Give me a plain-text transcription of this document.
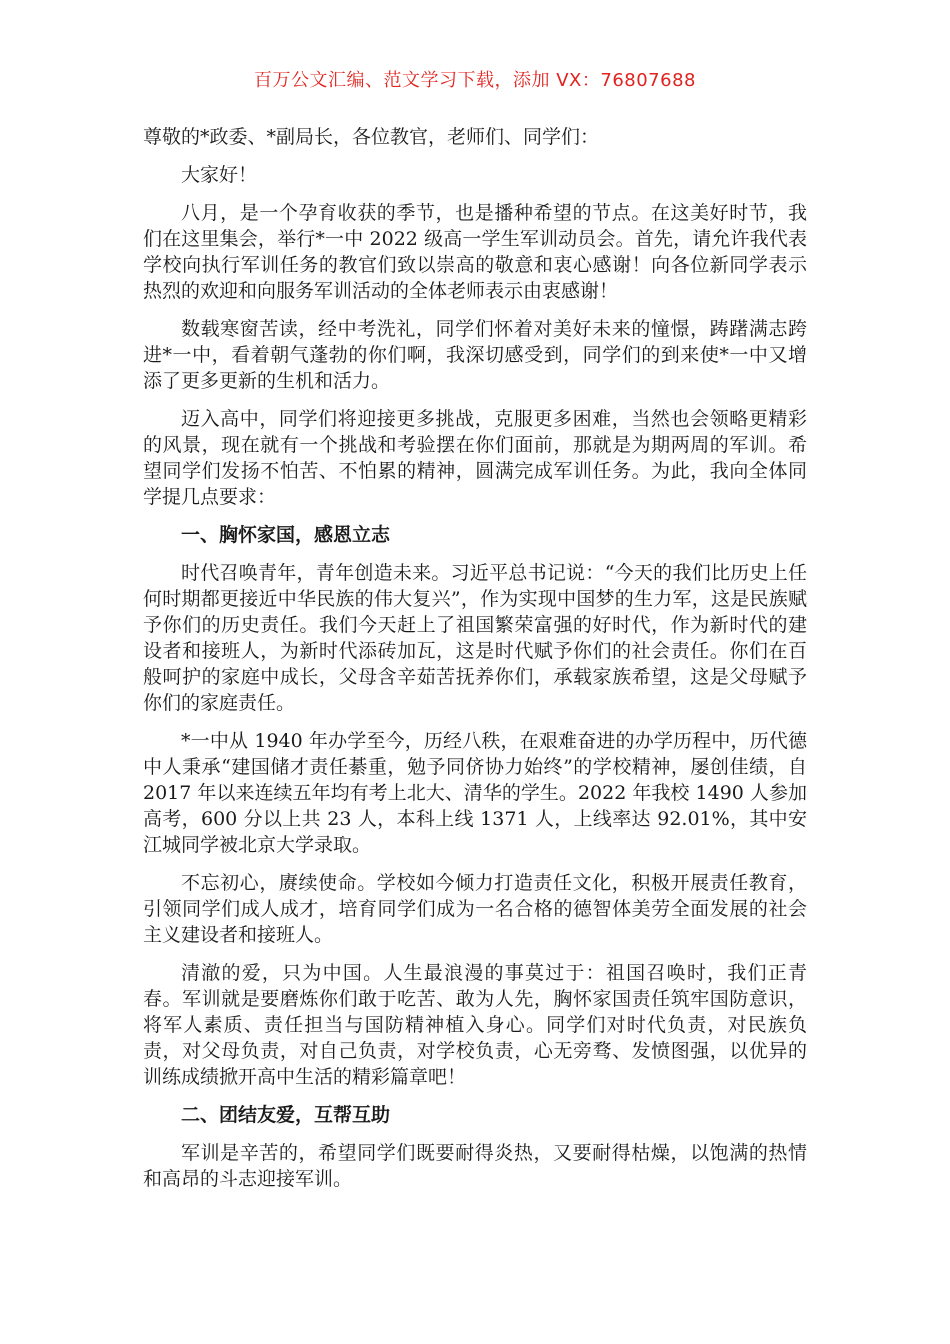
百万公文汇编、范文学习下载，添加 VX：76807688

尊敬的*政委、*副局长，各位教官，老师们、同学们：

大家好！

八月，是一个孕育收获的季节，也是播种希望的节点。在这美好时节，我们在这里集会，举行*一中 2022 级高一学生军训动员会。首先，请允许我代表学校向执行军训任务的教官们致以崇高的敬意和衷心感谢！向各位新同学表示热烈的欢迎和向服务军训活动的全体老师表示由衷感谢！

数载寒窗苦读，经中考洗礼，同学们怀着对美好未来的憧憬，踌躇满志跨进*一中，看着朝气蓬勃的你们啊，我深切感受到，同学们的到来使*一中又增添了更多更新的生机和活力。

迈入高中，同学们将迎接更多挑战，克服更多困难，当然也会领略更精彩的风景，现在就有一个挑战和考验摆在你们面前，那就是为期两周的军训。希望同学们发扬不怕苦、不怕累的精神，圆满完成军训任务。为此，我向全体同学提几点要求：

一、胸怀家国，感恩立志

时代召唤青年，青年创造未来。习近平总书记说：“今天的我们比历史上任何时期都更接近中华民族的伟大复兴”，作为实现中国梦的生力军，这是民族赋予你们的历史责任。我们今天赶上了祖国繁荣富强的好时代，作为新时代的建设者和接班人，为新时代添砖加瓦，这是时代赋予你们的社会责任。你们在百般呵护的家庭中成长，父母含辛茹苦抚养你们，承载家族希望，这是父母赋予你们的家庭责任。

*一中从 1940 年办学至今，历经八秩，在艰难奋进的办学历程中，历代德中人秉承“建国储才责任綦重，勉予同侪协力始终”的学校精神，屡创佳绩，自 2017 年以来连续五年均有考上北大、清华的学生。2022 年我校 1490 人参加高考，600 分以上共 23 人，本科上线 1371 人，上线率达 92.01%，其中安江城同学被北京大学录取。

不忘初心，赓续使命。学校如今倾力打造责任文化，积极开展责任教育，引领同学们成人成才，培育同学们成为一名合格的德智体美劳全面发展的社会主义建设者和接班人。

清澈的爱，只为中国。人生最浪漫的事莫过于：祖国召唤时，我们正青春。军训就是要磨炼你们敢于吃苦、敢为人先，胸怀家国责任筑牢国防意识，将军人素质、责任担当与国防精神植入身心。同学们对时代负责，对民族负责，对父母负责，对自己负责，对学校负责，心无旁骛、发愤图强，以优异的训练成绩掀开高中生活的精彩篇章吧！

二、团结友爱，互帮互助

军训是辛苦的，希望同学们既要耐得炎热，又要耐得枯燥，以饱满的热情和高昂的斗志迎接军训。
